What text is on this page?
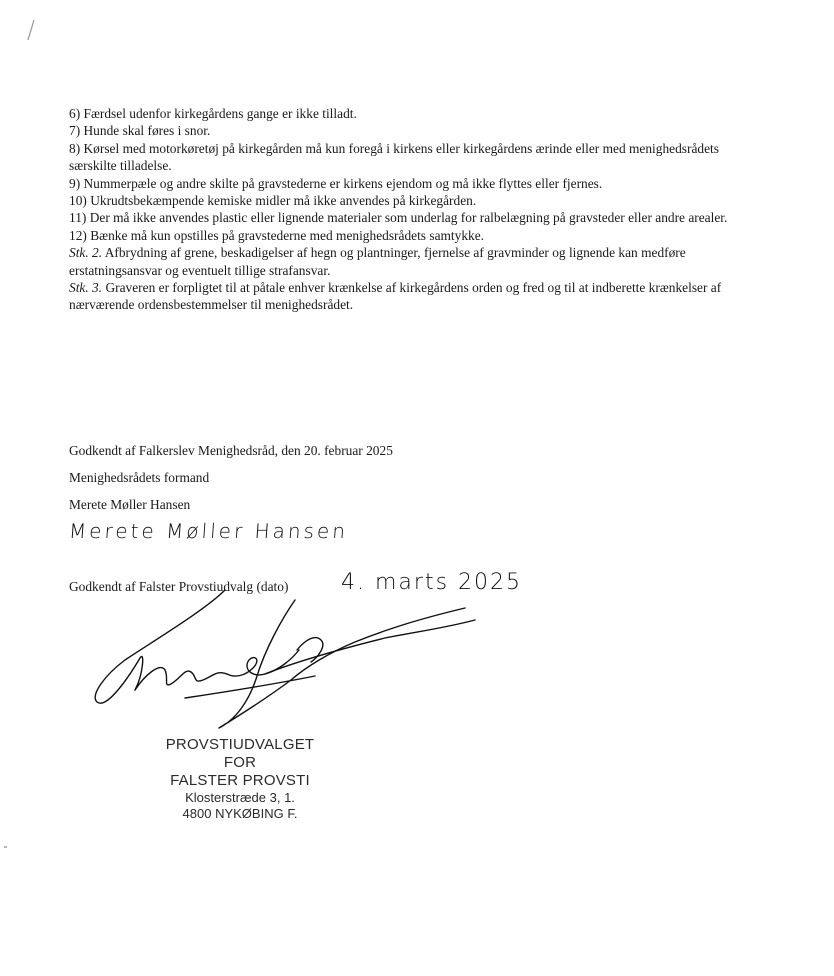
6) Færdsel udenfor kirkegårdens gange er ikke tilladt.

7) Hunde skal føres i snor.

8) Kørsel med motorkøretøj på kirkegården må kun foregå i kirkens eller kirkegårdens ærinde eller med menighedsrådets særskilte tilladelse.

9) Nummerpæle og andre skilte på gravstederne er kirkens ejendom og må ikke flyttes eller fjernes.

10) Ukrudtsbekæmpende kemiske midler må ikke anvendes på kirkegården.

11) Der må ikke anvendes plastic eller lignende materialer som underlag for ralbelægning på gravsteder eller andre arealer.

12) Bænke må kun opstilles på gravstederne med menighedsrådets samtykke.

Stk. 2. Afbrydning af grene, beskadigelser af hegn og plantninger, fjernelse af gravminder og lignende kan medføre erstatningsansvar og eventuelt tillige strafansvar.

Stk. 3. Graveren er forpligtet til at påtale enhver krænkelse af kirkegårdens orden og fred og til at indberette krænkelser af nærværende ordensbestemmelser til menighedsrådet.

Godkendt af Falkerslev Menighedsråd, den 20. februar 2025
Menighedsrådets formand
Merete Møller Hansen
Merete Møller Hansen
Godkendt af Falster Provstiudvalg (dato) 4. marts 2025
PROVSTIUDVALGET
FOR
FALSTER PROVSTI
Klosterstræde 3, 1.
4800 NYKØBING F.
